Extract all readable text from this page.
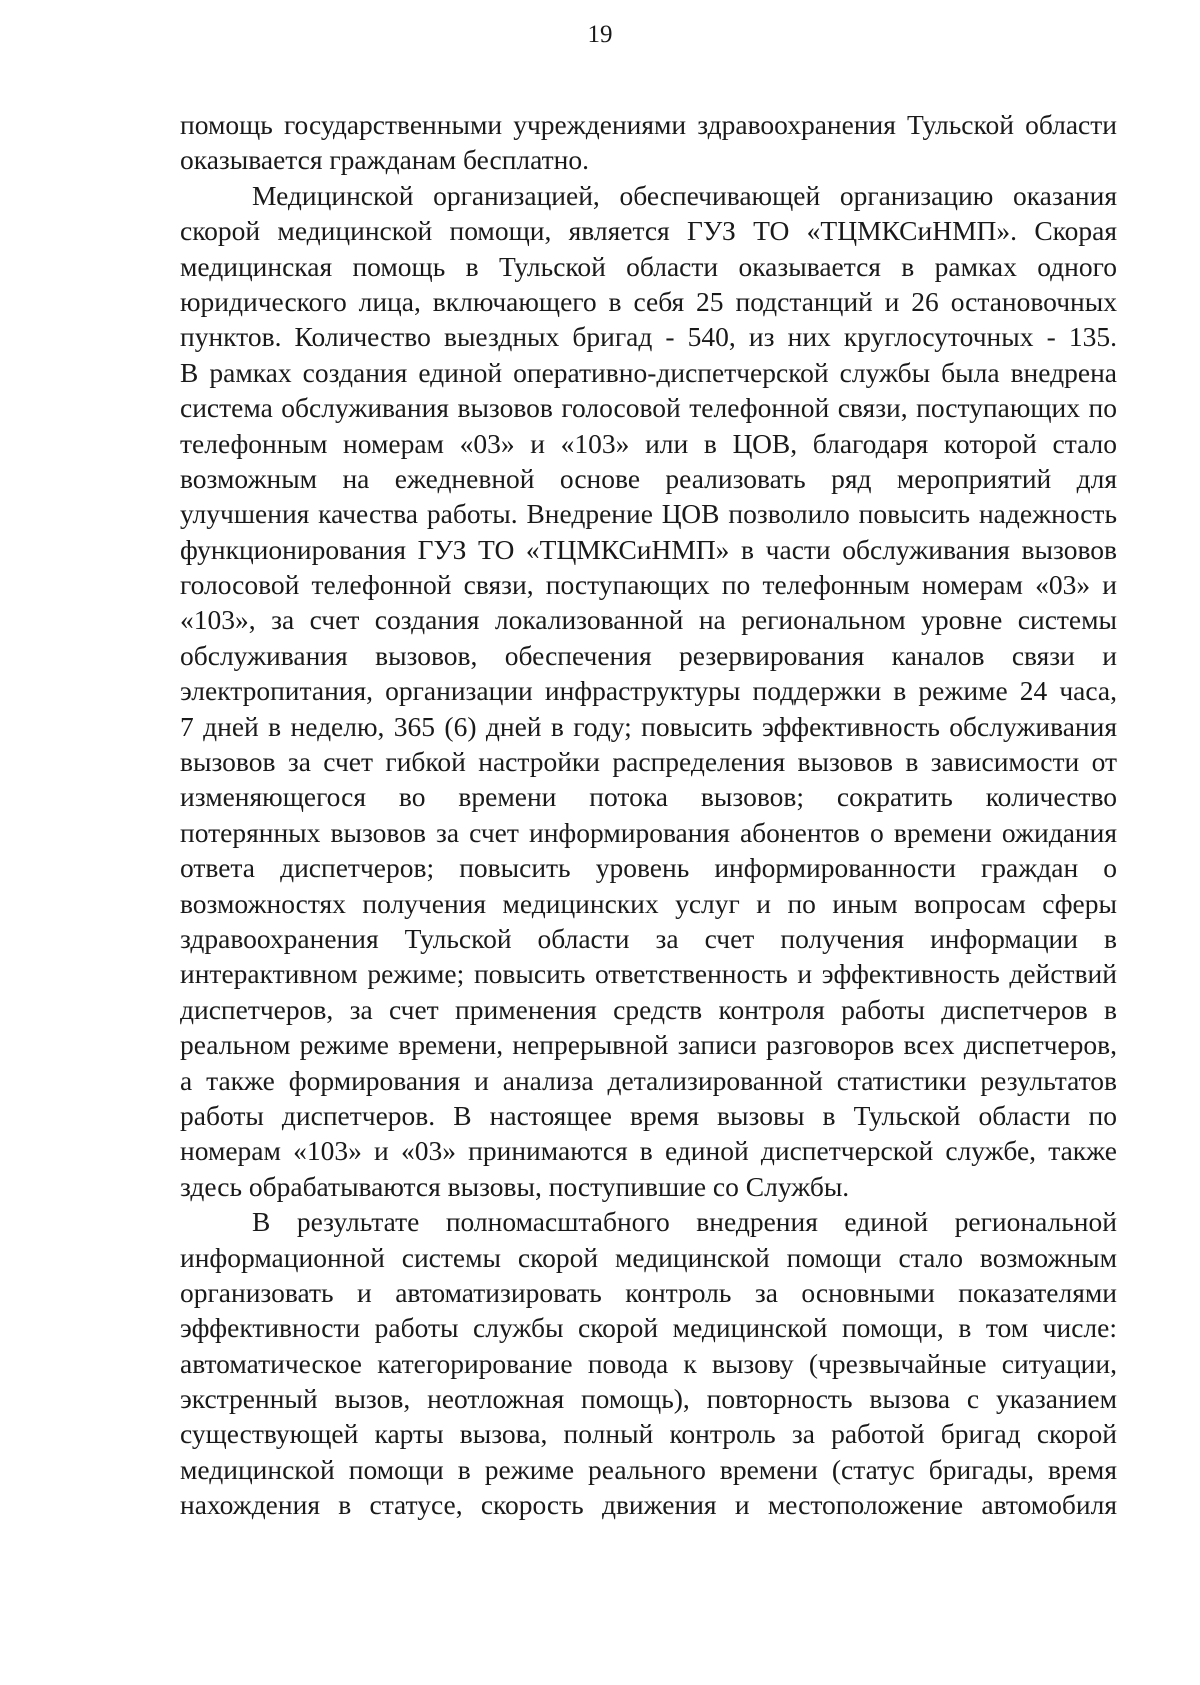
19
помощь государственными учреждениями здравоохранения Тульской области
оказывается гражданам бесплатно.
Медицинской организацией, обеспечивающей организацию оказания
скорой медицинской помощи, является ГУЗ ТО «ТЦМКСиНМП». Скорая
медицинская помощь в Тульской области оказывается в рамках одного
юридического лица, включающего в себя 25 подстанций и 26 остановочных
пунктов. Количество выездных бригад - 540, из них круглосуточных - 135.
В рамках создания единой оперативно-диспетчерской службы была внедрена
система обслуживания вызовов голосовой телефонной связи, поступающих по
телефонным номерам «03» и «103» или в ЦОВ, благодаря которой стало
возможным на ежедневной основе реализовать ряд мероприятий для
улучшения качества работы. Внедрение ЦОВ позволило повысить надежность
функционирования ГУЗ ТО «ТЦМКСиНМП» в части обслуживания вызовов
голосовой телефонной связи, поступающих по телефонным номерам «03» и
«103», за счет создания локализованной на региональном уровне системы
обслуживания вызовов, обеспечения резервирования каналов связи и
электропитания, организации инфраструктуры поддержки в режиме 24 часа,
7 дней в неделю, 365 (6) дней в году; повысить эффективность обслуживания
вызовов за счет гибкой настройки распределения вызовов в зависимости от
изменяющегося во времени потока вызовов; сократить количество
потерянных вызовов за счет информирования абонентов о времени ожидания
ответа диспетчеров; повысить уровень информированности граждан о
возможностях получения медицинских услуг и по иным вопросам сферы
здравоохранения Тульской области за счет получения информации в
интерактивном режиме; повысить ответственность и эффективность действий
диспетчеров, за счет применения средств контроля работы диспетчеров в
реальном режиме времени, непрерывной записи разговоров всех диспетчеров,
а также формирования и анализа детализированной статистики результатов
работы диспетчеров. В настоящее время вызовы в Тульской области по
номерам «103» и «03» принимаются в единой диспетчерской службе, также
здесь обрабатываются вызовы, поступившие со Службы.
В результате полномасштабного внедрения единой региональной
информационной системы скорой медицинской помощи стало возможным
организовать и автоматизировать контроль за основными показателями
эффективности работы службы скорой медицинской помощи, в том числе:
автоматическое категорирование повода к вызову (чрезвычайные ситуации,
экстренный вызов, неотложная помощь), повторность вызова с указанием
существующей карты вызова, полный контроль за работой бригад скорой
медицинской помощи в режиме реального времени (статус бригады, время
нахождения в статусе, скорость движения и местоположение автомобиля
